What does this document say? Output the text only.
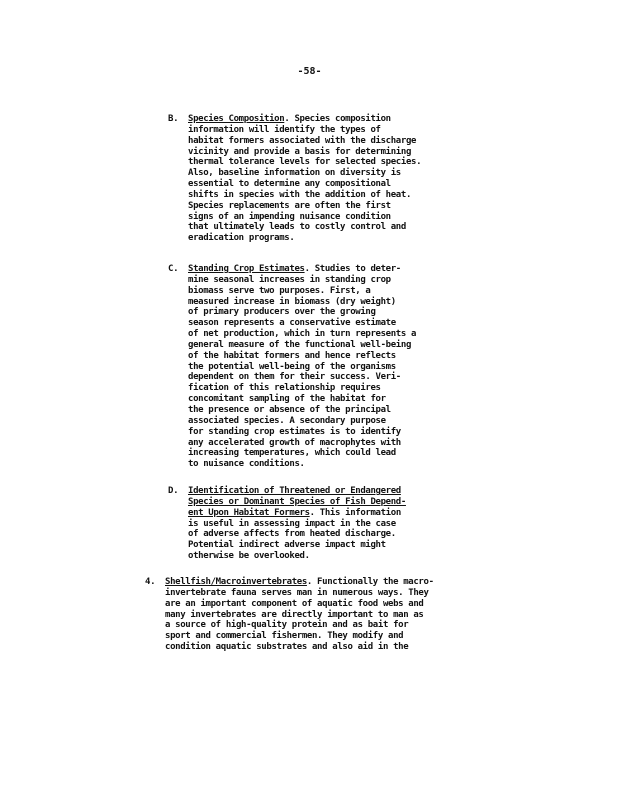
-58-
B. Species Composition. Species composition
information will identify the types of
habitat formers associated with the discharge
vicinity and provide a basis for determining
thermal tolerance levels for selected species.
Also, baseline information on diversity is
essential to determine any compositional
shifts in species with the addition of heat.
Species replacements are often the first
signs of an impending nuisance condition
that ultimately leads to costly control and
eradication programs.
C. Standing Crop Estimates. Studies to deter-
mine seasonal increases in standing crop
biomass serve two purposes. First, a
measured increase in biomass (dry weight)
of primary producers over the growing
season represents a conservative estimate
of net production, which in turn represents a
general measure of the functional well-being
of the habitat formers and hence reflects
the potential well-being of the organisms
dependent on them for their success. Veri-
fication of this relationship requires
concomitant sampling of the habitat for
the presence or absence of the principal
associated species. A secondary purpose
for standing crop estimates is to identify
any accelerated growth of macrophytes with
increasing temperatures, which could lead
to nuisance conditions.
D. Identification of Threatened or Endangered
Species or Dominant Species of Fish Depend-
ent Upon Habitat Formers. This information
is useful in assessing impact in the case
of adverse affects from heated discharge.
Potential indirect adverse impact might
otherwise be overlooked.
4. Shellfish/Macroinvertebrates. Functionally the macro-
invertebrate fauna serves man in numerous ways. They
are an important component of aquatic food webs and
many invertebrates are directly important to man as
a source of high-quality protein and as bait for
sport and commercial fishermen. They modify and
condition aquatic substrates and also aid in the
